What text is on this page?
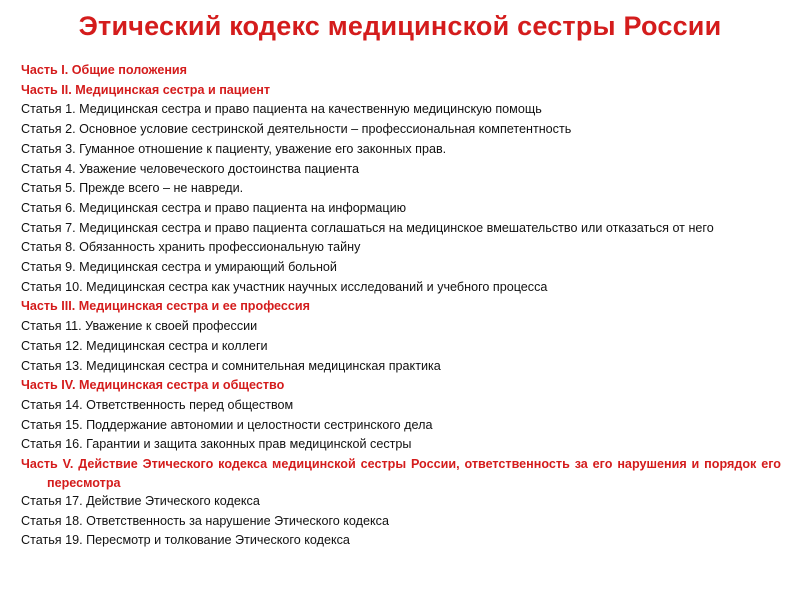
Этический кодекс медицинской сестры России
Часть I. Общие положения
Часть II. Медицинская сестра и пациент
Статья 1. Медицинская сестра и право пациента на качественную медицинскую помощь
Статья 2. Основное условие сестринской деятельности – профессиональная компетентность
Статья 3. Гуманное отношение к пациенту, уважение его законных прав.
Статья 4. Уважение человеческого достоинства пациента
Статья 5. Прежде всего – не навреди.
Статья 6. Медицинская сестра и право пациента на информацию
Статья 7. Медицинская сестра и право пациента соглашаться на медицинское вмешательство или отказаться от него
Статья 8. Обязанность хранить профессиональную тайну
Статья 9. Медицинская сестра и умирающий больной
Статья 10. Медицинская сестра как участник научных исследований и учебного процесса
Часть III. Медицинская сестра и ее профессия
Статья 11. Уважение к своей профессии
Статья 12. Медицинская сестра и коллеги
Статья 13. Медицинская сестра и сомнительная медицинская практика
Часть IV. Медицинская сестра и общество
Статья 14. Ответственность перед обществом
Статья 15. Поддержание автономии и целостности сестринского дела
Статья 16. Гарантии и защита законных прав медицинской сестры
Часть V. Действие Этического кодекса медицинской сестры России, ответственность за его нарушения и порядок его пересмотра
Статья 17. Действие Этического кодекса
Статья 18. Ответственность за нарушение Этического кодекса
Статья 19. Пересмотр и толкование Этического кодекса
